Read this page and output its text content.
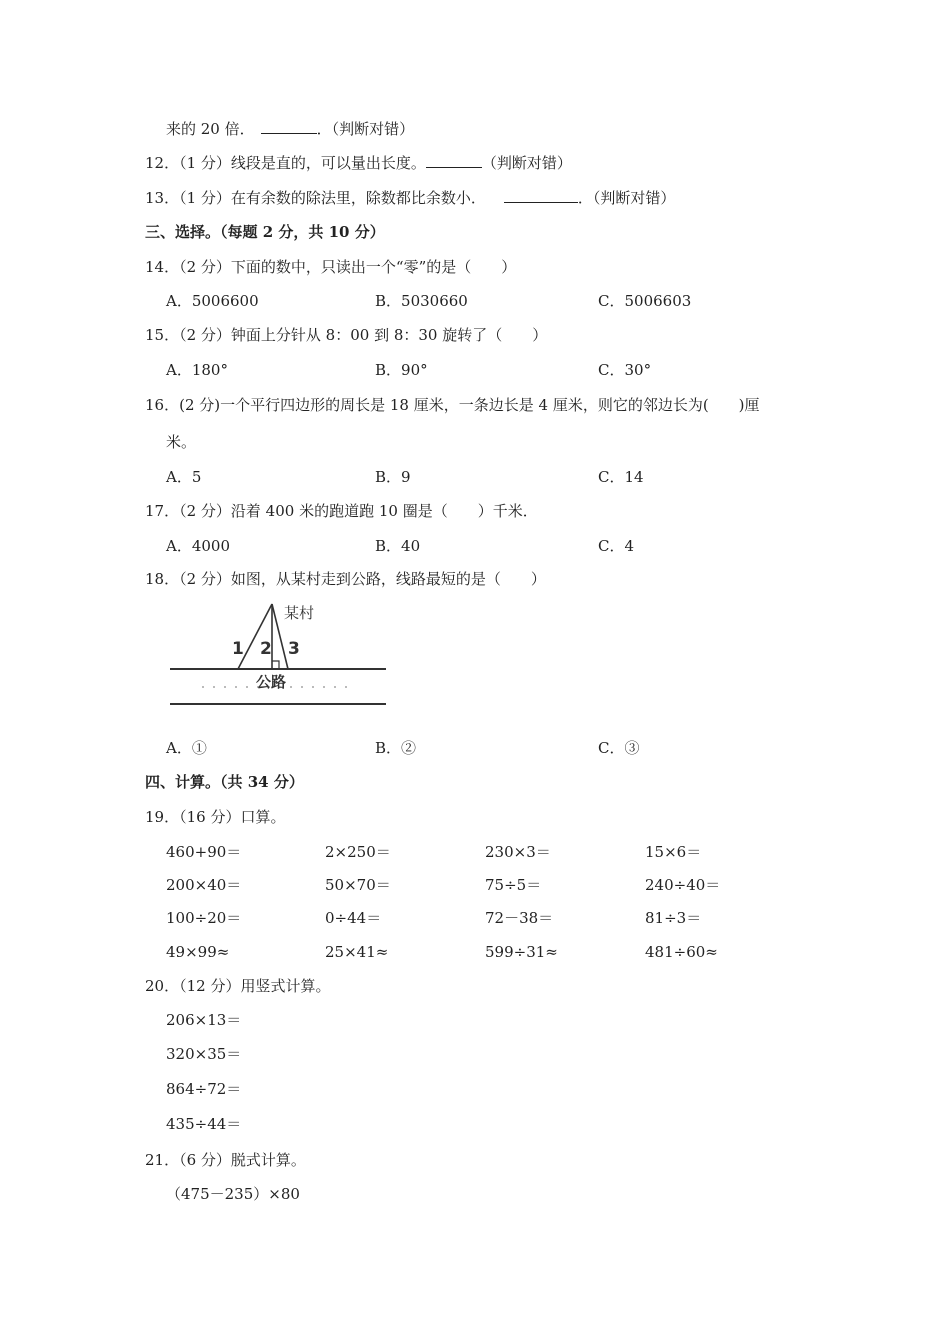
来的 20 倍．	．（判断对错）
12．（1 分）线段是直的，可以量出长度。	（判断对错）
13．（1 分）在有余数的除法里，除数都比余数小．	．（判断对错）
三、选择。（每题 2 分，共 10 分）
14．（2 分）下面的数中，只读出一个“零”的是（　　）
A．5006600	B．5030660	C．5006603
15．（2 分）钟面上分针从 8：00 到 8：30 旋转了（　　）
A．180°	B．90°	C．30°
16．(2 分)一个平行四边形的周长是 18 厘米，一条边长是 4 厘米，则它的邻边长为(　　)厘
米。
A．5	B．9	C．14
17．（2 分）沿着 400 米的跑道跑 10 圈是（　　）千米．
A．4000	B．40	C．4
18．（2 分）如图，从某村走到公路，线路最短的是（　　）
某村
1 2 3
公路
A．①	B．②	C．③
四、计算。（共 34 分）
19．（16 分）口算。
460+90＝	2×250＝	230×3＝	15×6＝
200×40＝	50×70＝	75÷5＝	240÷40＝
100÷20＝	0÷44＝	72－38＝	81÷3＝
49×99≈	25×41≈	599÷31≈	481÷60≈
20．（12 分）用竖式计算。
206×13＝
320×35＝
864÷72＝
435÷44＝
21．（6 分）脱式计算。
（475－235）×80
